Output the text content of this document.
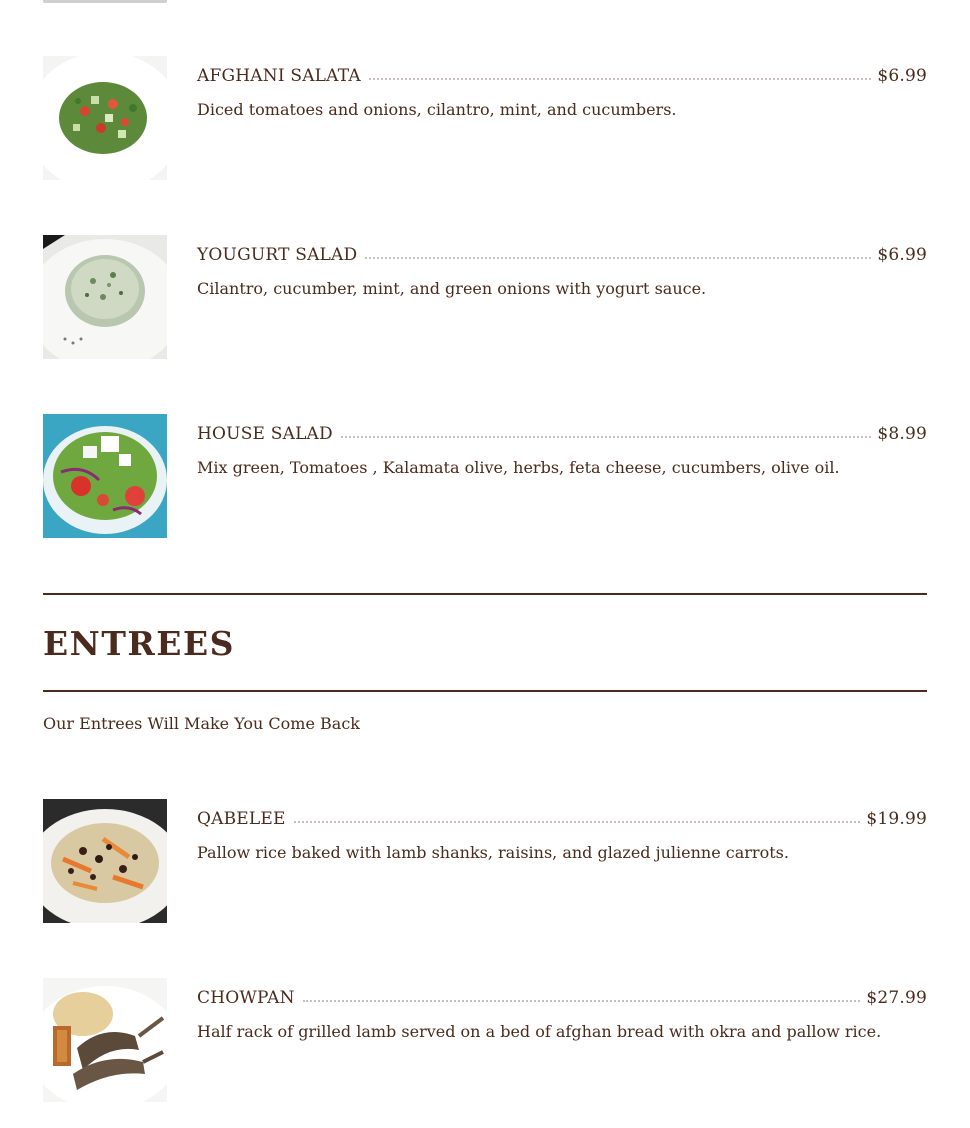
AFGHANI SALATA	$6.99
Diced tomatoes and onions, cilantro, mint, and cucumbers.
YOUGURT SALAD	$6.99
Cilantro, cucumber, mint, and green onions with yogurt sauce.
HOUSE SALAD	$8.99
Mix green, Tomatoes , Kalamata olive, herbs, feta cheese, cucumbers, olive oil.
ENTREES
Our Entrees Will Make You Come Back
QABELEE	$19.99
Pallow rice baked with lamb shanks, raisins, and glazed julienne carrots.
CHOWPAN	$27.99
Half rack of grilled lamb served on a bed of afghan bread with okra and pallow rice.
